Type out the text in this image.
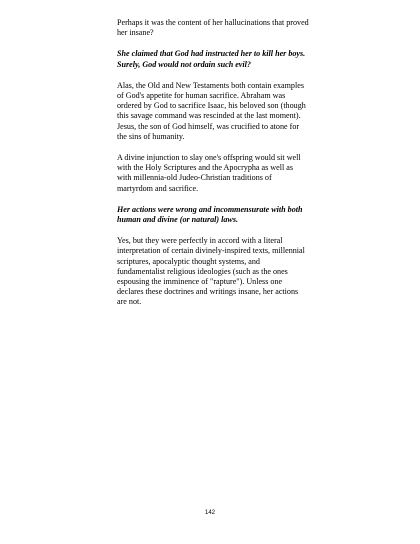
Perhaps it was the content of her hallucinations that proved her insane?

She claimed that God had instructed her to kill her boys. Surely, God would not ordain such evil?

Alas, the Old and New Testaments both contain examples of God's appetite for human sacrifice. Abraham was ordered by God to sacrifice Isaac, his beloved son (though this savage command was rescinded at the last moment). Jesus, the son of God himself, was crucified to atone for the sins of humanity.

A divine injunction to slay one's offspring would sit well with the Holy Scriptures and the Apocrypha as well as with millennia-old Judeo-Christian traditions of martyrdom and sacrifice.

Her actions were wrong and incommensurate with both human and divine (or natural) laws.

Yes, but they were perfectly in accord with a literal interpretation of certain divinely-inspired texts, millennial scriptures, apocalyptic thought systems, and fundamentalist religious ideologies (such as the ones espousing the imminence of "rapture"). Unless one declares these doctrines and writings insane, her actions are not.

142
